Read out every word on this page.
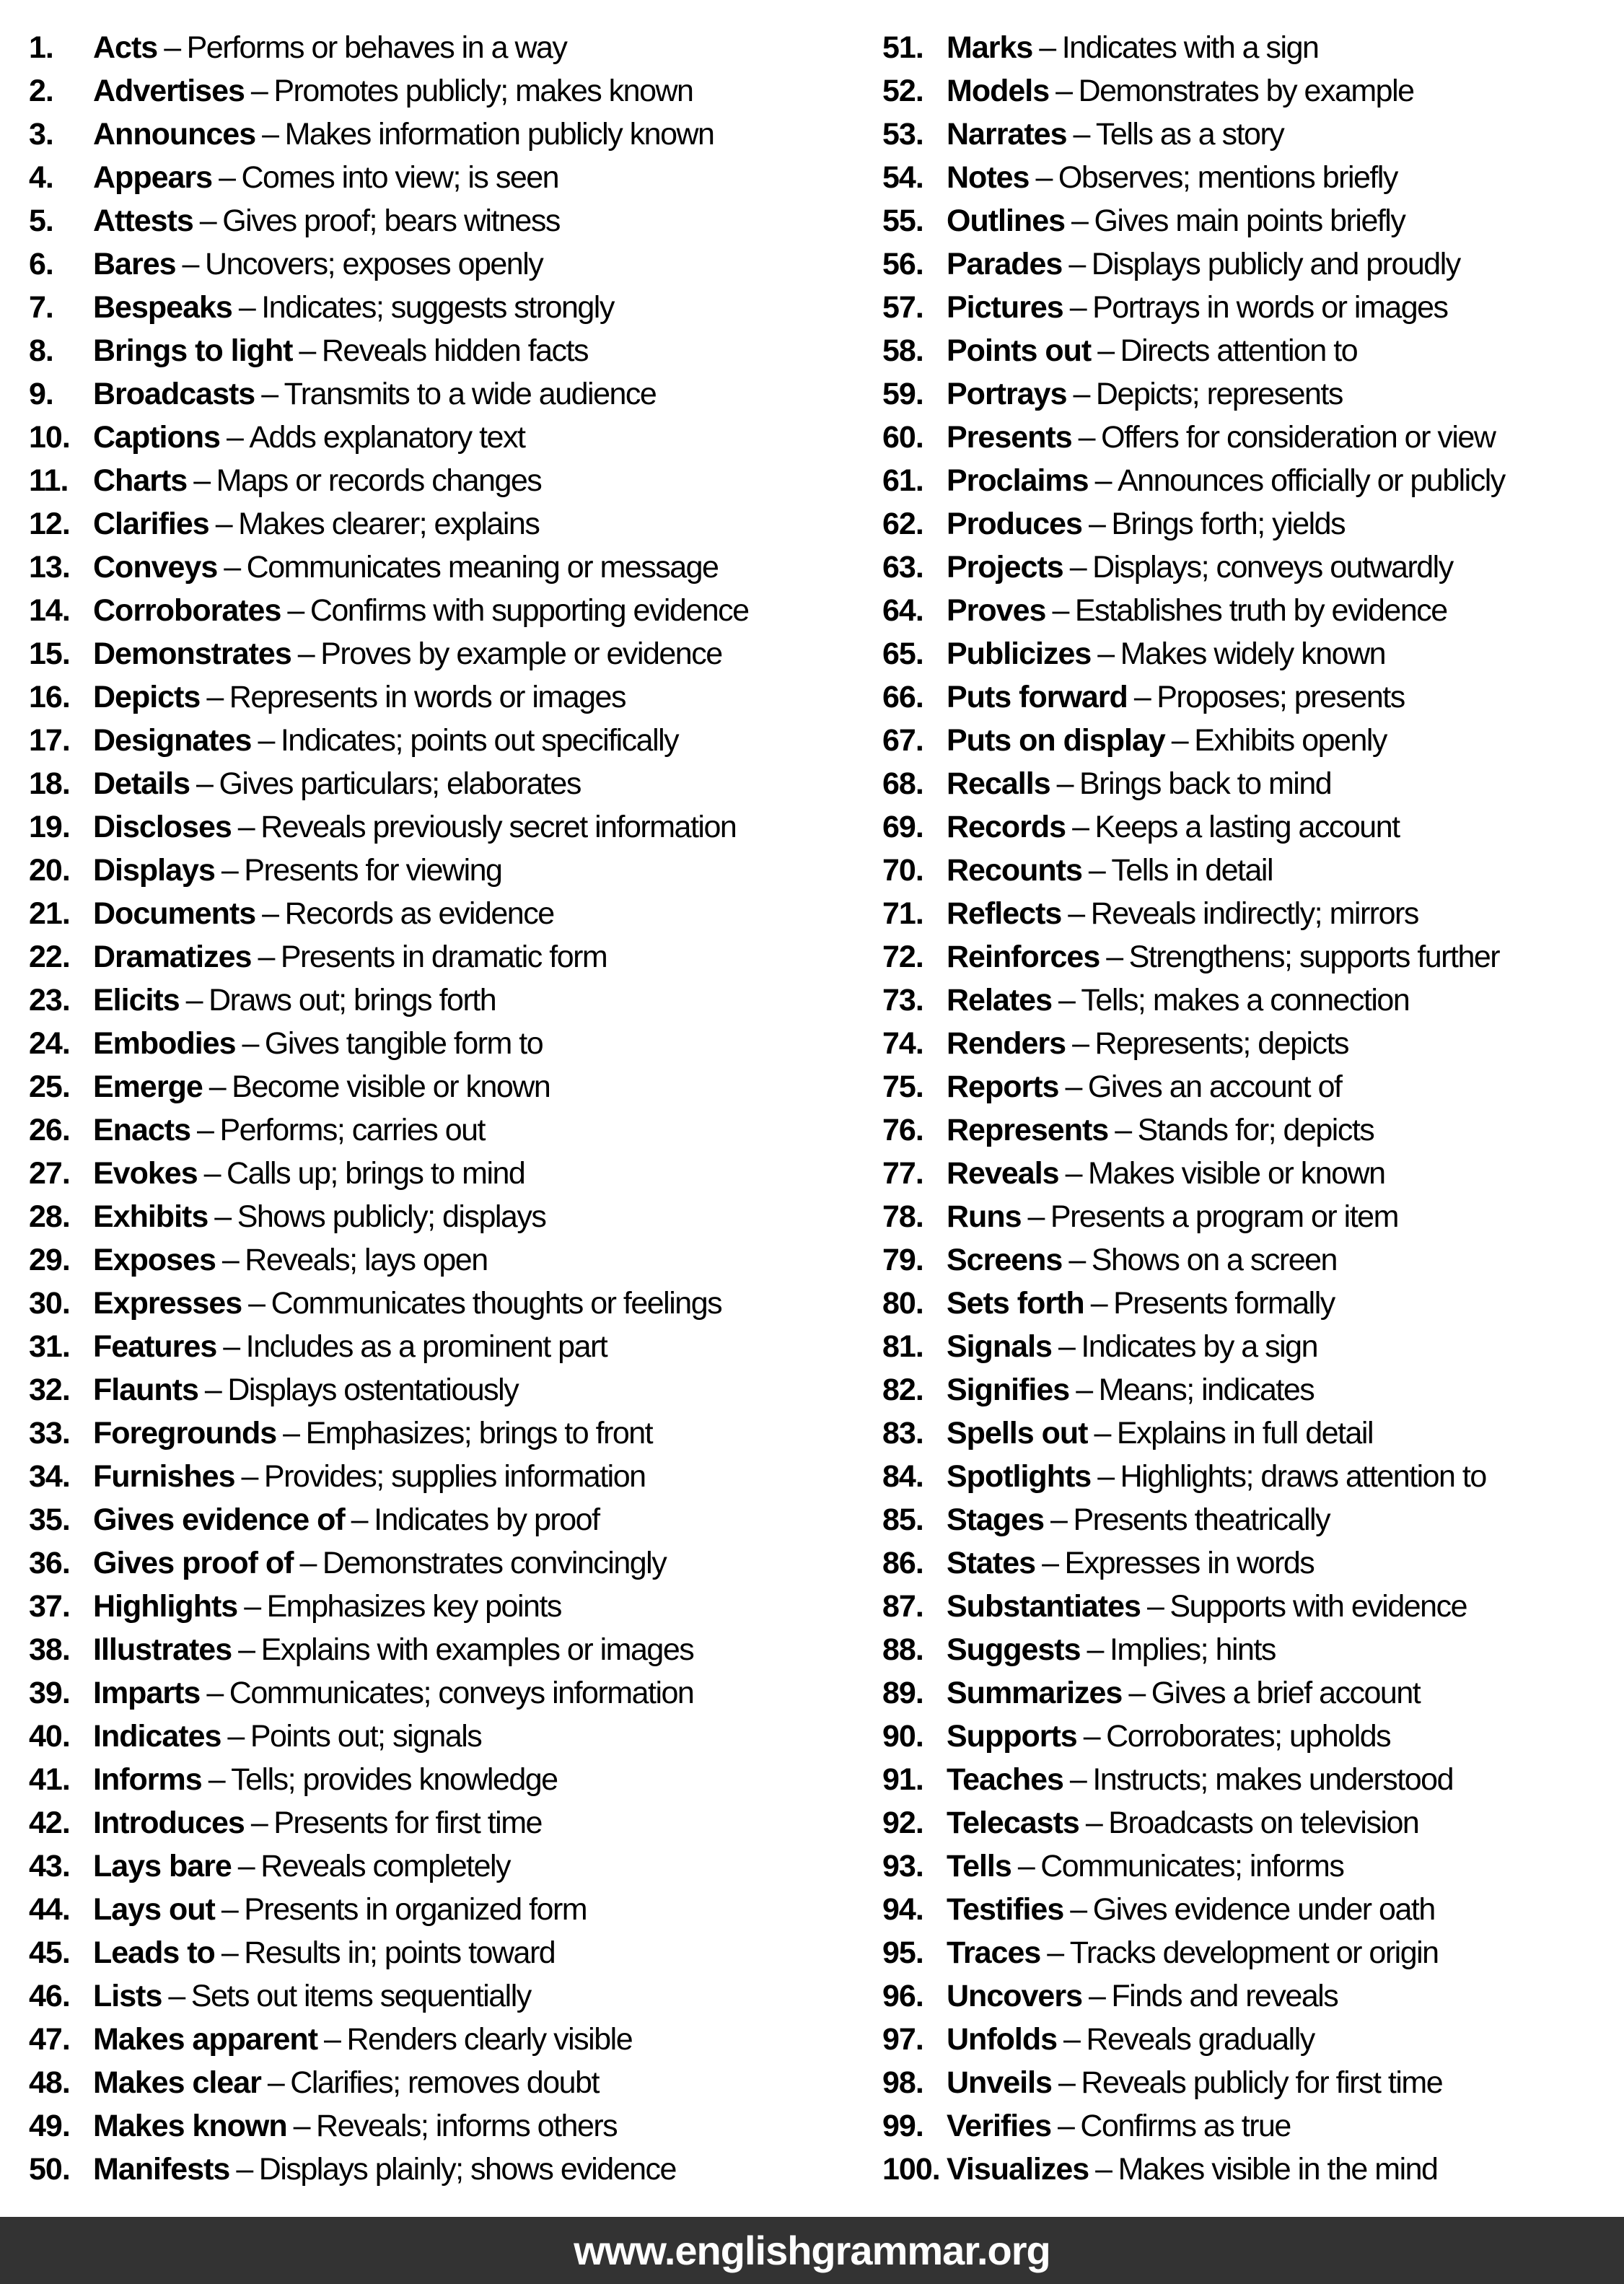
1.	Acts – Performs or behaves in a way
2.	Advertises – Promotes publicly; makes known
3.	Announces – Makes information publicly known
4.	Appears – Comes into view; is seen
5.	Attests – Gives proof; bears witness
6.	Bares – Uncovers; exposes openly
7.	Bespeaks – Indicates; suggests strongly
8.	Brings to light – Reveals hidden facts
9.	Broadcasts – Transmits to a wide audience
10. Captions – Adds explanatory text
11. Charts – Maps or records changes
12. Clarifies – Makes clearer; explains
13. Conveys – Communicates meaning or message
14. Corroborates – Confirms with supporting evidence
15. Demonstrates – Proves by example or evidence
16. Depicts – Represents in words or images
17. Designates – Indicates; points out specifically
18. Details – Gives particulars; elaborates
19. Discloses – Reveals previously secret information
20. Displays – Presents for viewing
21. Documents – Records as evidence
22. Dramatizes – Presents in dramatic form
23. Elicits – Draws out; brings forth
24. Embodies – Gives tangible form to
25. Emerge – Become visible or known
26. Enacts – Performs; carries out
27. Evokes – Calls up; brings to mind
28. Exhibits – Shows publicly; displays
29. Exposes – Reveals; lays open
30. Expresses – Communicates thoughts or feelings
31. Features – Includes as a prominent part
32. Flaunts – Displays ostentatiously
33. Foregrounds – Emphasizes; brings to front
34. Furnishes – Provides; supplies information
35. Gives evidence of – Indicates by proof
36. Gives proof of – Demonstrates convincingly
37. Highlights – Emphasizes key points
38. Illustrates – Explains with examples or images
39. Imparts – Communicates; conveys information
40. Indicates – Points out; signals
41. Informs – Tells; provides knowledge
42. Introduces – Presents for first time
43. Lays bare – Reveals completely
44. Lays out – Presents in organized form
45. Leads to – Results in; points toward
46. Lists – Sets out items sequentially
47. Makes apparent – Renders clearly visible
48. Makes clear – Clarifies; removes doubt
49. Makes known – Reveals; informs others
50. Manifests – Displays plainly; shows evidence
51. Marks – Indicates with a sign
52. Models – Demonstrates by example
53. Narrates – Tells as a story
54. Notes – Observes; mentions briefly
55. Outlines – Gives main points briefly
56. Parades – Displays publicly and proudly
57. Pictures – Portrays in words or images
58. Points out – Directs attention to
59. Portrays – Depicts; represents
60. Presents – Offers for consideration or view
61. Proclaims – Announces officially or publicly
62. Produces – Brings forth; yields
63. Projects – Displays; conveys outwardly
64. Proves – Establishes truth by evidence
65. Publicizes – Makes widely known
66. Puts forward – Proposes; presents
67. Puts on display – Exhibits openly
68. Recalls – Brings back to mind
69. Records – Keeps a lasting account
70. Recounts – Tells in detail
71. Reflects – Reveals indirectly; mirrors
72. Reinforces – Strengthens; supports further
73. Relates – Tells; makes a connection
74. Renders – Represents; depicts
75. Reports – Gives an account of
76. Represents – Stands for; depicts
77. Reveals – Makes visible or known
78. Runs – Presents a program or item
79. Screens – Shows on a screen
80. Sets forth – Presents formally
81. Signals – Indicates by a sign
82. Signifies – Means; indicates
83. Spells out – Explains in full detail
84. Spotlights – Highlights; draws attention to
85. Stages – Presents theatrically
86. States – Expresses in words
87. Substantiates – Supports with evidence
88. Suggests – Implies; hints
89. Summarizes – Gives a brief account
90. Supports – Corroborates; upholds
91. Teaches – Instructs; makes understood
92. Telecasts – Broadcasts on television
93. Tells – Communicates; informs
94. Testifies – Gives evidence under oath
95. Traces – Tracks development or origin
96. Uncovers – Finds and reveals
97. Unfolds – Reveals gradually
98. Unveils – Reveals publicly for first time
99. Verifies – Confirms as true
100. Visualizes – Makes visible in the mind
www.englishgrammar.org
